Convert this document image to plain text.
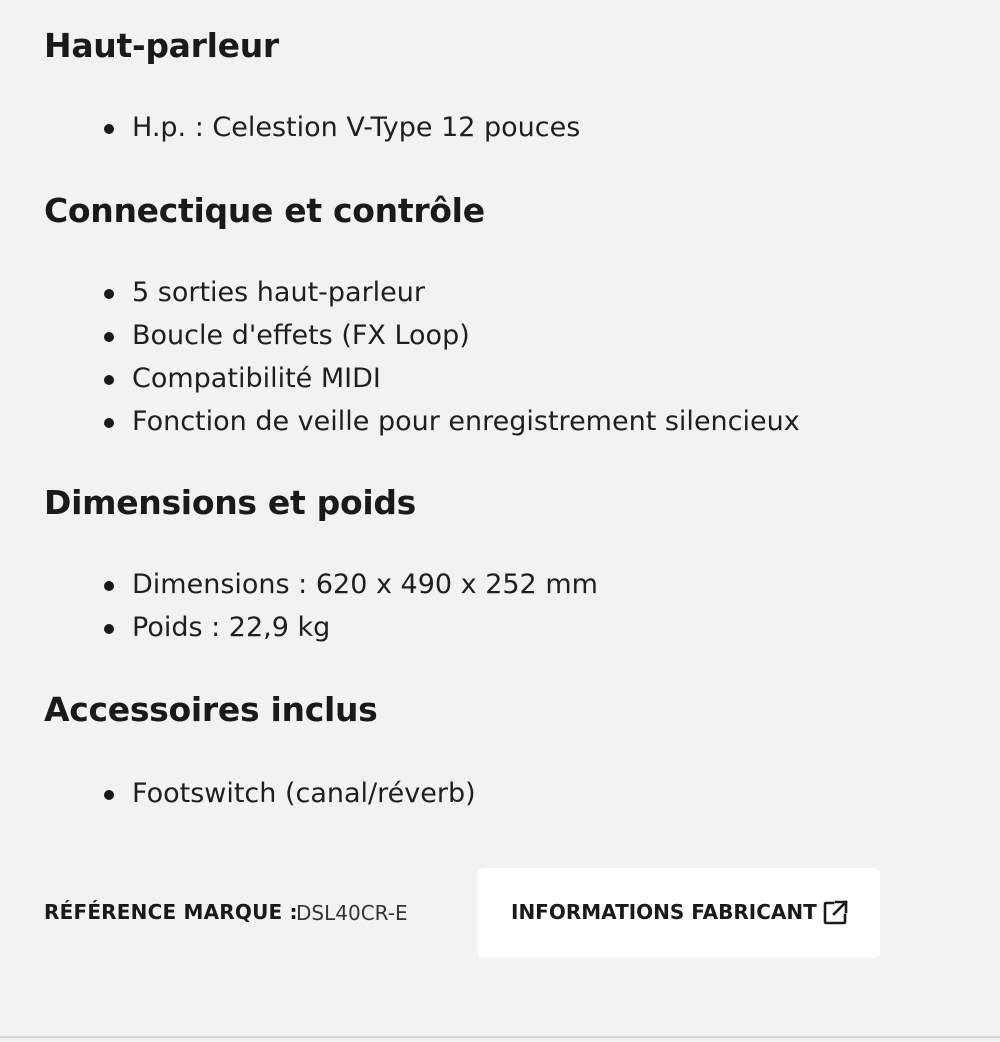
Haut-parleur
H.p. : Celestion V-Type 12 pouces
Connectique et contrôle
5 sorties haut-parleur
Boucle d'effets (FX Loop)
Compatibilité MIDI
Fonction de veille pour enregistrement silencieux
Dimensions et poids
Dimensions : 620 x 490 x 252 mm
Poids : 22,9 kg
Accessoires inclus
Footswitch (canal/réverb)
RÉFÉRENCE MARQUE :
DSL40CR-E	INFORMATIONS FABRICANT
